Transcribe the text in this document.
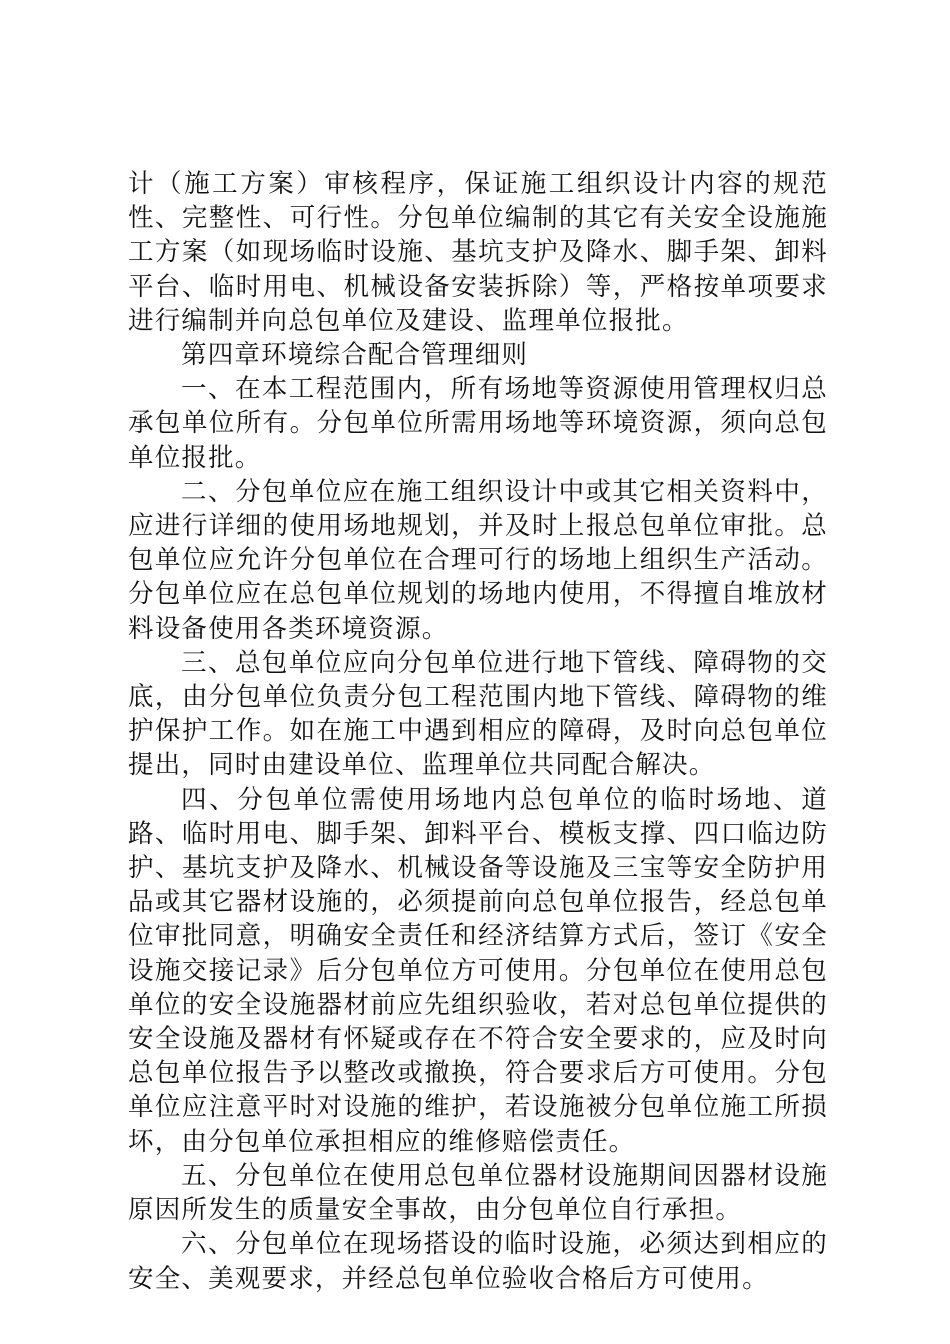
计（施工方案）审核程序，保证施工组织设计内容的规范性、完整性、可行性。分包单位编制的其它有关安全设施施工方案（如现场临时设施、基坑支护及降水、脚手架、卸料平台、临时用电、机械设备安装拆除）等，严格按单项要求进行编制并向总包单位及建设、监理单位报批。

第四章环境综合配合管理细则

一、在本工程范围内，所有场地等资源使用管理权归总承包单位所有。分包单位所需用场地等环境资源，须向总包单位报批。

二、分包单位应在施工组织设计中或其它相关资料中，应进行详细的使用场地规划，并及时上报总包单位审批。总包单位应允许分包单位在合理可行的场地上组织生产活动。分包单位应在总包单位规划的场地内使用，不得擅自堆放材料设备使用各类环境资源。

三、总包单位应向分包单位进行地下管线、障碍物的交底，由分包单位负责分包工程范围内地下管线、障碍物的维护保护工作。如在施工中遇到相应的障碍，及时向总包单位提出，同时由建设单位、监理单位共同配合解决。

四、分包单位需使用场地内总包单位的临时场地、道路、临时用电、脚手架、卸料平台、模板支撑、四口临边防护、基坑支护及降水、机械设备等设施及三宝等安全防护用品或其它器材设施的，必须提前向总包单位报告，经总包单位审批同意，明确安全责任和经济结算方式后，签订《安全设施交接记录》后分包单位方可使用。分包单位在使用总包单位的安全设施器材前应先组织验收，若对总包单位提供的安全设施及器材有怀疑或存在不符合安全要求的，应及时向总包单位报告予以整改或撤换，符合要求后方可使用。分包单位应注意平时对设施的维护，若设施被分包单位施工所损坏，由分包单位承担相应的维修赔偿责任。

五、分包单位在使用总包单位器材设施期间因器材设施原因所发生的质量安全事故，由分包单位自行承担。

六、分包单位在现场搭设的临时设施，必须达到相应的安全、美观要求，并经总包单位验收合格后方可使用。
